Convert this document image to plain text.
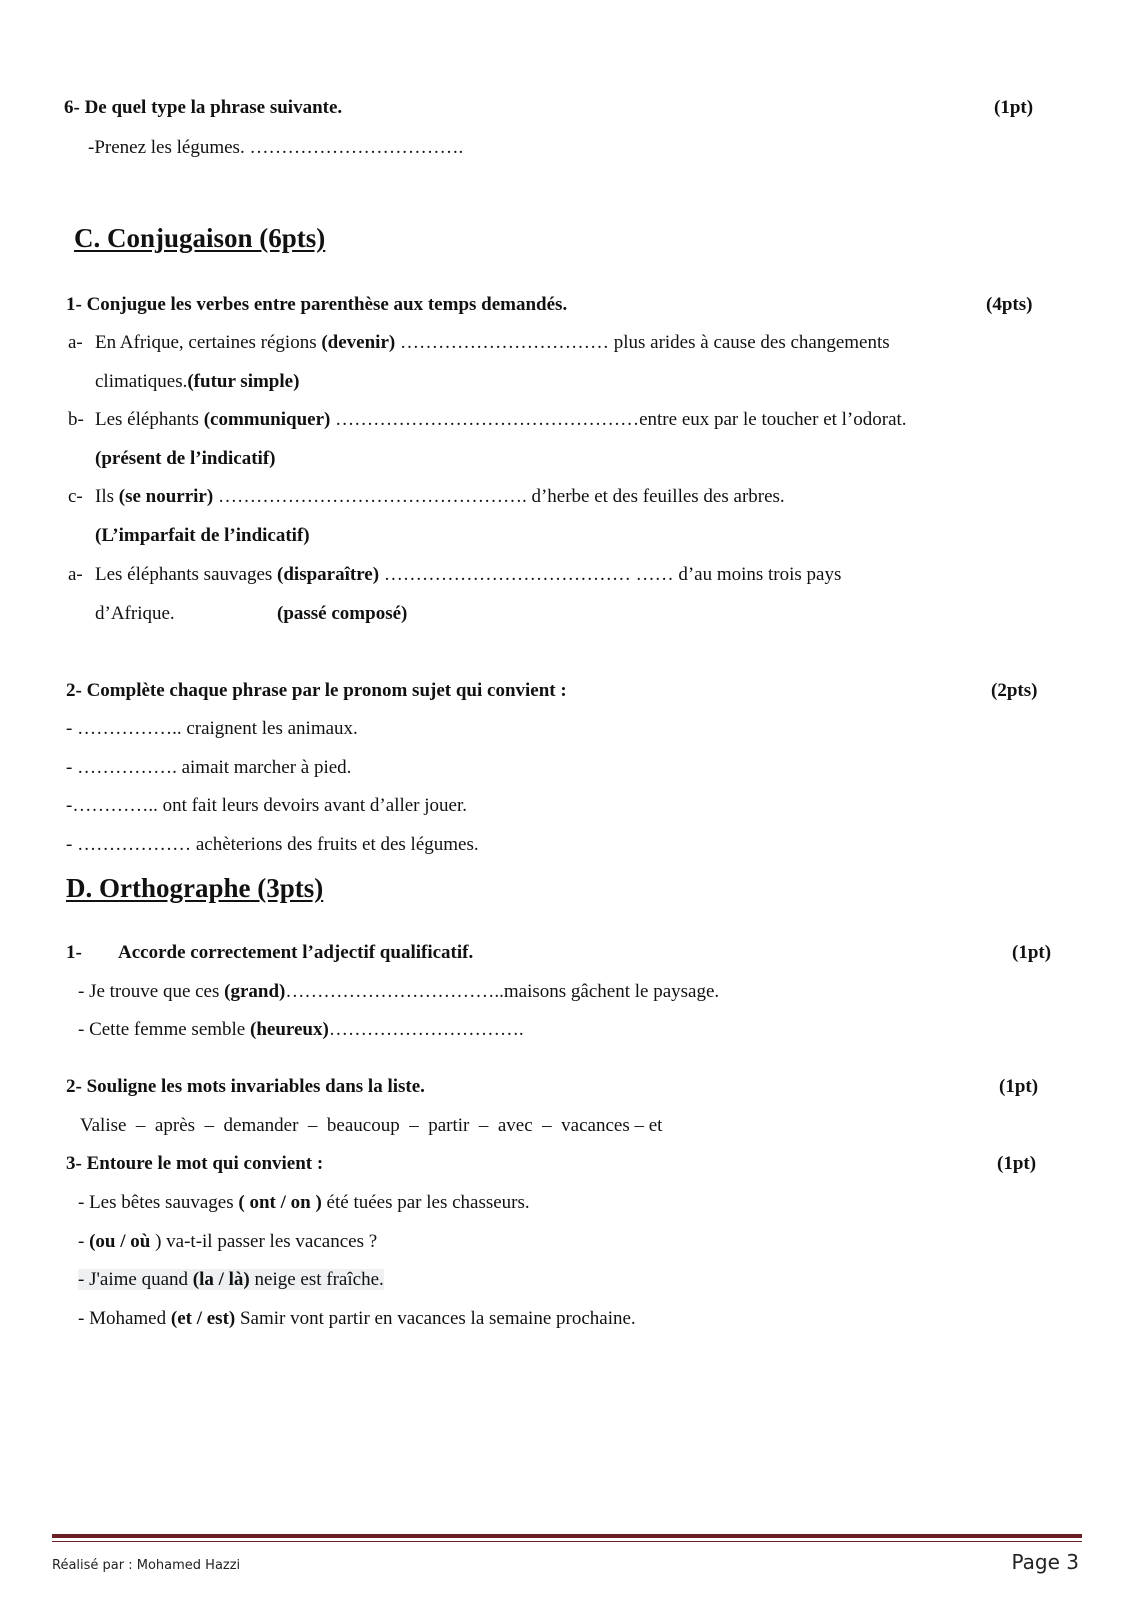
6- De quel type la phrase suivante.	(1pt)
-Prenez les légumes. …………………………….
C. Conjugaison (6pts)
1- Conjugue les verbes entre parenthèse aux temps demandés.	(4pts)
a- En Afrique, certaines régions (devenir) …………………………… plus arides à cause des changements
climatiques.(futur simple)
b- Les éléphants (communiquer) …………………………………………entre eux par le toucher et l’odorat.
(présent de l’indicatif)
c- Ils (se nourrir) …………………………………………. d’herbe et des feuilles des arbres.
(L’imparfait de l’indicatif)
a- Les éléphants sauvages (disparaître) ………………………………… …… d’au moins trois pays
d’Afrique.	(passé composé)
2- Complète chaque phrase par le pronom sujet qui convient :	(2pts)
- …………….. craignent les animaux.
- ……………. aimait marcher à pied.
-………….. ont fait leurs devoirs avant d’aller jouer.
- ……………… achèterions des fruits et des légumes.
D. Orthographe (3pts)
1- Accorde correctement l’adjectif qualificatif.	(1pt)
- Je trouve que ces (grand)……………………………..maisons gâchent le paysage.
- Cette femme semble (heureux)………………………….
2- Souligne les mots invariables dans la liste.	(1pt)
Valise  –  après  –  demander  –  beaucoup  –  partir  –  avec  –  vacances – et
3- Entoure le mot qui convient :	(1pt)
- Les bêtes sauvages ( ont / on ) été tuées par les chasseurs.
- (ou / où ) va-t-il passer les vacances ?
- J'aime quand (la / là) neige est fraîche.
- Mohamed (et / est) Samir vont partir en vacances la semaine prochaine.
Réalisé par : Mohamed Hazzi	Page 3
